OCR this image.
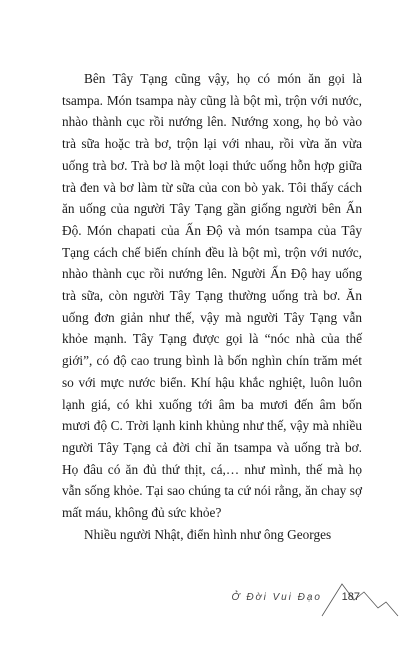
Bên Tây Tạng cũng vậy, họ có món ăn gọi là tsampa. Món tsampa này cũng là bột mì, trộn với nước, nhào thành cục rồi nướng lên. Nướng xong, họ bỏ vào trà sữa hoặc trà bơ, trộn lại với nhau, rồi vừa ăn vừa uống trà bơ. Trà bơ là một loại thức uống hỗn hợp giữa trà đen và bơ làm từ sữa của con bò yak. Tôi thấy cách ăn uống của người Tây Tạng gần giống người bên Ấn Độ. Món chapati của Ấn Độ và món tsampa của Tây Tạng cách chế biến chính đều là bột mì, trộn với nước, nhào thành cục rồi nướng lên. Người Ấn Độ hay uống trà sữa, còn người Tây Tạng thường uống trà bơ. Ăn uống đơn giản như thế, vậy mà người Tây Tạng vẫn khỏe mạnh. Tây Tạng được gọi là “nóc nhà của thế giới”, có độ cao trung bình là bốn nghìn chín trăm mét so với mực nước biển. Khí hậu khắc nghiệt, luôn luôn lạnh giá, có khi xuống tới âm ba mươi đến âm bốn mươi độ C. Trời lạnh kinh khủng như thế, vậy mà nhiều người Tây Tạng cả đời chỉ ăn tsampa và uống trà bơ. Họ đâu có ăn đủ thứ thịt, cá,… như mình, thế mà họ vẫn sống khỏe. Tại sao chúng ta cứ nói rằng, ăn chay sợ mất máu, không đủ sức khỏe?

Nhiều người Nhật, điển hình như ông Georges

Ở Đời Vui Đạo 187
